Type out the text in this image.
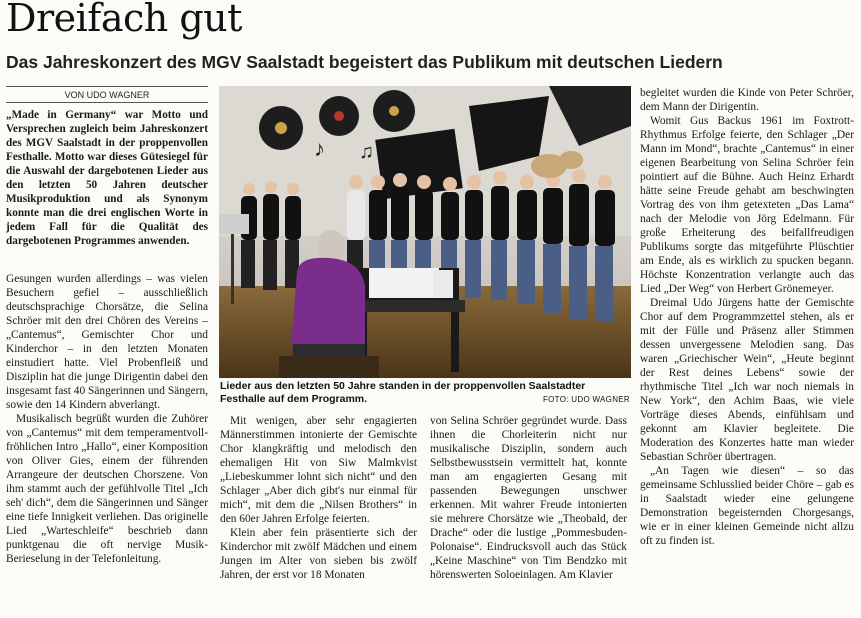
Dreifach gut
Das Jahreskonzert des MGV Saalstadt begeistert das Publikum mit deutschen Liedern
VON UDO WAGNER

„Made in Germany“ war Motto und Versprechen zugleich beim Jahreskonzert des MGV Saalstadt in der proppenvollen Festhalle. Motto war dieses Gütesiegel für die Auswahl der dargebotenen Lieder aus den letzten 50 Jahren deutscher Musikproduktion und als Synonym konnte man die drei englischen Worte in jedem Fall für die Qualität des dargebotenen Programmes anwenden.

Gesungen wurden allerdings – was vielen Besuchern gefiel – ausschließlich deutschsprachige Chorsätze, die Selina Schröer mit den drei Chören des Vereins – „Cantemus“, Gemischter Chor und Kinderchor – in den letzten Monaten einstudiert hatte. Viel Probenfleiß und Disziplin hat die junge Dirigentin dabei den insgesamt fast 40 Sängerinnen und Sängern, sowie den 14 Kindern abverlangt.

Musikalisch begrüßt wurden die Zuhörer von „Cantemus“ mit dem temperamentvoll-fröhlichen Intro „Hallo“, einer Komposition von Oliver Gies, einem der führenden Arrangeure der deutschen Chorszene. Von ihm stammt auch der gefühlvolle Titel „Ich seh' dich“, dem die Sängerinnen und Sänger eine tiefe Innigkeit verliehen. Das originelle Lied „Warteschleife“ beschrieb dann punktgenau die oft nervige Musik-Berieselung in der Telefonleitung.

♪ ♫
Lieder aus den letzten 50 Jahre standen in der proppenvollen Saalstadter Festhalle auf dem Programm.	FOTO: UDO WAGNER

Mit wenigen, aber sehr engagierten Männerstimmen intonierte der Gemischte Chor klangkräftig und melodisch den ehemaligen Hit von Siw Malmkvist „Liebeskummer lohnt sich nicht“ und den Schlager „Aber dich gibt's nur einmal für mich“, mit dem die „Nilsen Brothers“ in den 60er Jahren Erfolge feierten.

Klein aber fein präsentierte sich der Kinderchor mit zwölf Mädchen und einem Jungen im Alter von sieben bis zwölf Jahren, der erst vor 18 Monaten

von Selina Schröer gegründet wurde. Dass ihnen die Chorleiterin nicht nur musikalische Disziplin, sondern auch Selbstbewusstsein vermittelt hat, konnte man am engagierten Gesang mit passenden Bewegungen unschwer erkennen. Mit wahrer Freude intonierten sie mehrere Chorsätze wie „Theobald, der Drache“ oder die lustige „Pommesbuden-Polonaise“. Eindrucksvoll auch das Stück „Keine Maschine“ von Tim Bendzko mit hörenswerten Soloeinlagen. Am Klavier

begleitet wurden die Kinde von Peter Schröer, dem Mann der Dirigentin.

Womit Gus Backus 1961 im Foxtrott-Rhythmus Erfolge feierte, den Schlager „Der Mann im Mond“, brachte „Cantemus“ in einer eigenen Bearbeitung von Selina Schröer fein pointiert auf die Bühne. Auch Heinz Erhardt hätte seine Freude gehabt am beschwingten Vortrag des von ihm getexteten „Das Lama“ nach der Melodie von Jörg Edelmann. Für große Erheiterung des beifallfreudigen Publikums sorgte das mitgeführte Plüschtier am Ende, als es wirklich zu spucken begann. Höchste Konzentration verlangte auch das Lied „Der Weg“ von Herbert Grönemeyer.

Dreimal Udo Jürgens hatte der Gemischte Chor auf dem Programmzettel stehen, als er mit der Fülle und Präsenz aller Stimmen dessen unvergessene Melodien sang. Das waren „Griechischer Wein“, „Heute beginnt der Rest deines Lebens“ sowie der rhythmische Titel „Ich war noch niemals in New York“, den Achim Baas, wie viele Vorträge dieses Abends, einfühlsam und gekonnt am Klavier begleitete. Die Moderation des Konzertes hatte man wieder Sebastian Schröer übertragen.

„An Tagen wie diesen“ – so das gemeinsame Schlusslied beider Chöre – gab es in Saalstadt wieder eine gelungene Demonstration begeisternden Chorgesangs, wie er in einer kleinen Gemeinde nicht allzu oft zu finden ist.
